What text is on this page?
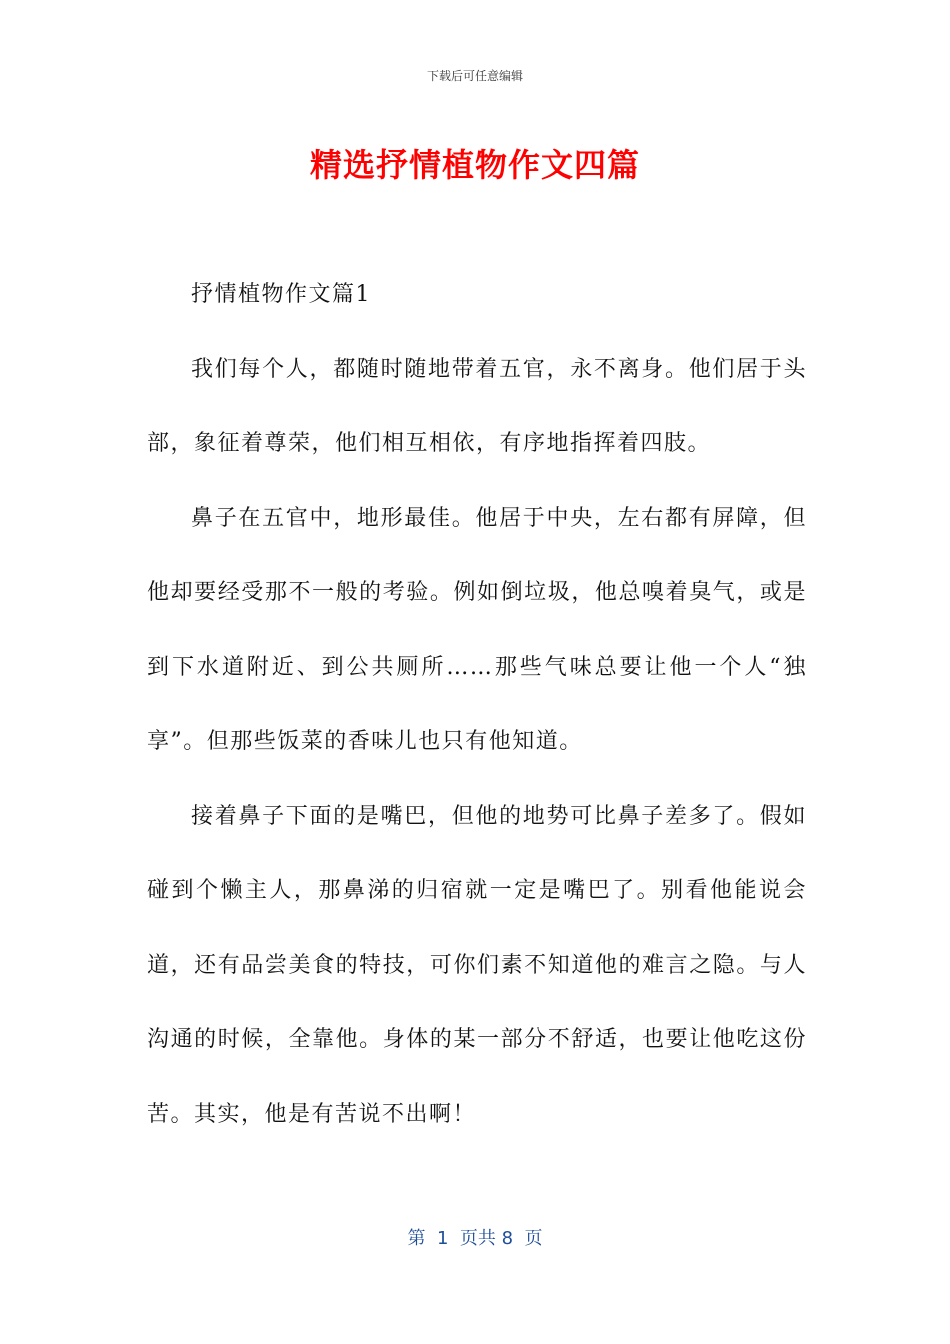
下载后可任意编辑
精选抒情植物作文四篇

抒情植物作文篇1

我们每个人，都随时随地带着五官，永不离身。他们居于头部，象征着尊荣，他们相互相依，有序地指挥着四肢。

鼻子在五官中，地形最佳。他居于中央，左右都有屏障，但他却要经受那不一般的考验。例如倒垃圾，他总嗅着臭气，或是到下水道附近、到公共厕所……那些气味总要让他一个人“独享”。但那些饭菜的香味儿也只有他知道。

接着鼻子下面的是嘴巴，但他的地势可比鼻子差多了。假如碰到个懒主人，那鼻涕的归宿就一定是嘴巴了。别看他能说会道，还有品尝美食的特技，可你们素不知道他的难言之隐。与人沟通的时候，全靠他。身体的某一部分不舒适，也要让他吃这份苦。其实，他是有苦说不出啊！

第  1  页共 8  页
